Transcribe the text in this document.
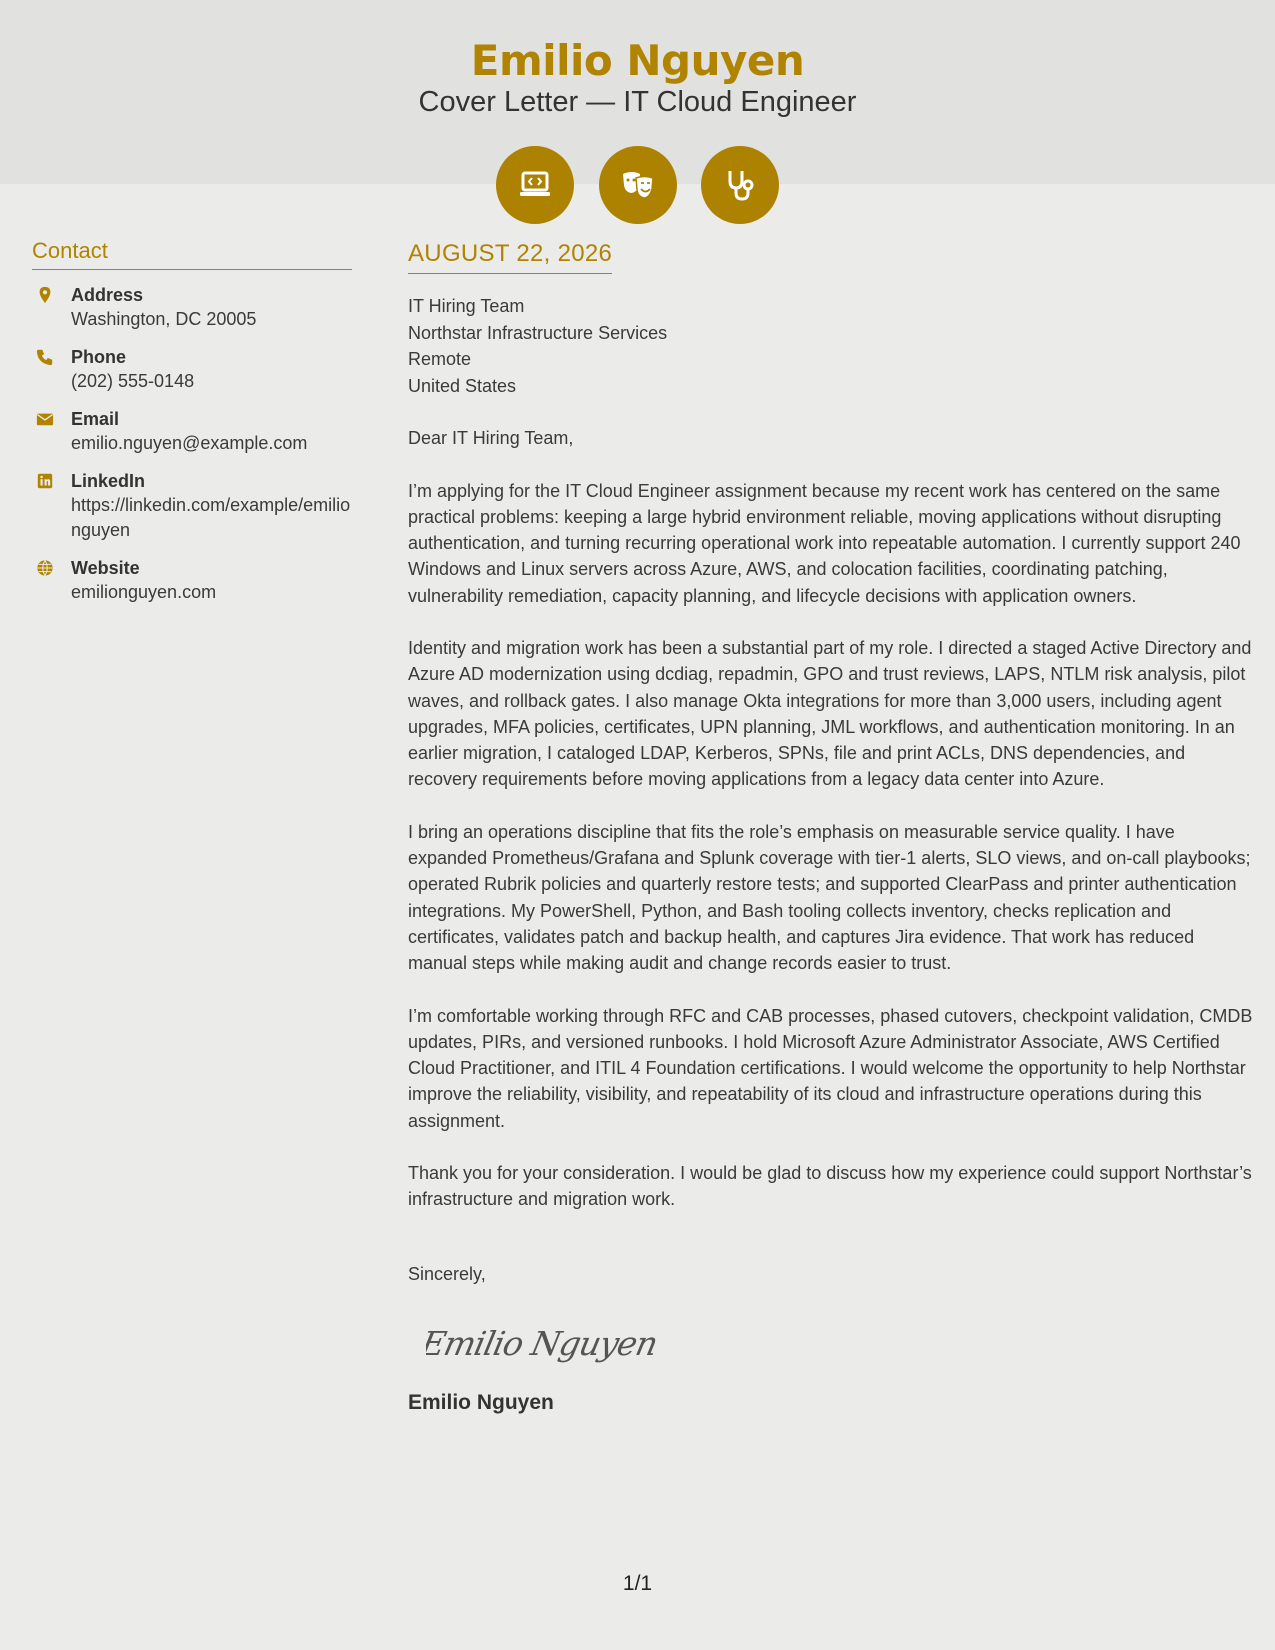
Emilio Nguyen
Cover Letter — IT Cloud Engineer
Contact
Address
Washington, DC 20005
Phone
(202) 555-0148
Email
emilio.nguyen@example.com
LinkedIn
https://linkedin.com/example/emilionguyen
Website
emilionguyen.com
AUGUST 22, 2026
IT Hiring Team
Northstar Infrastructure Services
Remote
United States
Dear IT Hiring Team,

I’m applying for the IT Cloud Engineer assignment because my recent work has centered on the same practical problems: keeping a large hybrid environment reliable, moving applications without disrupting authentication, and turning recurring operational work into repeatable automation. I currently support 240 Windows and Linux servers across Azure, AWS, and colocation facilities, coordinating patching, vulnerability remediation, capacity planning, and lifecycle decisions with application owners.

Identity and migration work has been a substantial part of my role. I directed a staged Active Directory and Azure AD modernization using dcdiag, repadmin, GPO and trust reviews, LAPS, NTLM risk analysis, pilot waves, and rollback gates. I also manage Okta integrations for more than 3,000 users, including agent upgrades, MFA policies, certificates, UPN planning, JML workflows, and authentication monitoring. In an earlier migration, I cataloged LDAP, Kerberos, SPNs, file and print ACLs, DNS dependencies, and recovery requirements before moving applications from a legacy data center into Azure.

I bring an operations discipline that fits the role’s emphasis on measurable service quality. I have expanded Prometheus/Grafana and Splunk coverage with tier-1 alerts, SLO views, and on-call playbooks; operated Rubrik policies and quarterly restore tests; and supported ClearPass and printer authentication integrations. My PowerShell, Python, and Bash tooling collects inventory, checks replication and certificates, validates patch and backup health, and captures Jira evidence. That work has reduced manual steps while making audit and change records easier to trust.

I’m comfortable working through RFC and CAB processes, phased cutovers, checkpoint validation, CMDB updates, PIRs, and versioned runbooks. I hold Microsoft Azure Administrator Associate, AWS Certified Cloud Practitioner, and ITIL 4 Foundation certifications. I would welcome the opportunity to help Northstar improve the reliability, visibility, and repeatability of its cloud and infrastructure operations during this assignment.

Thank you for your consideration. I would be glad to discuss how my experience could support Northstar’s infrastructure and migration work.

Sincerely,
Emilio Nguyen
Emilio Nguyen
1/1
